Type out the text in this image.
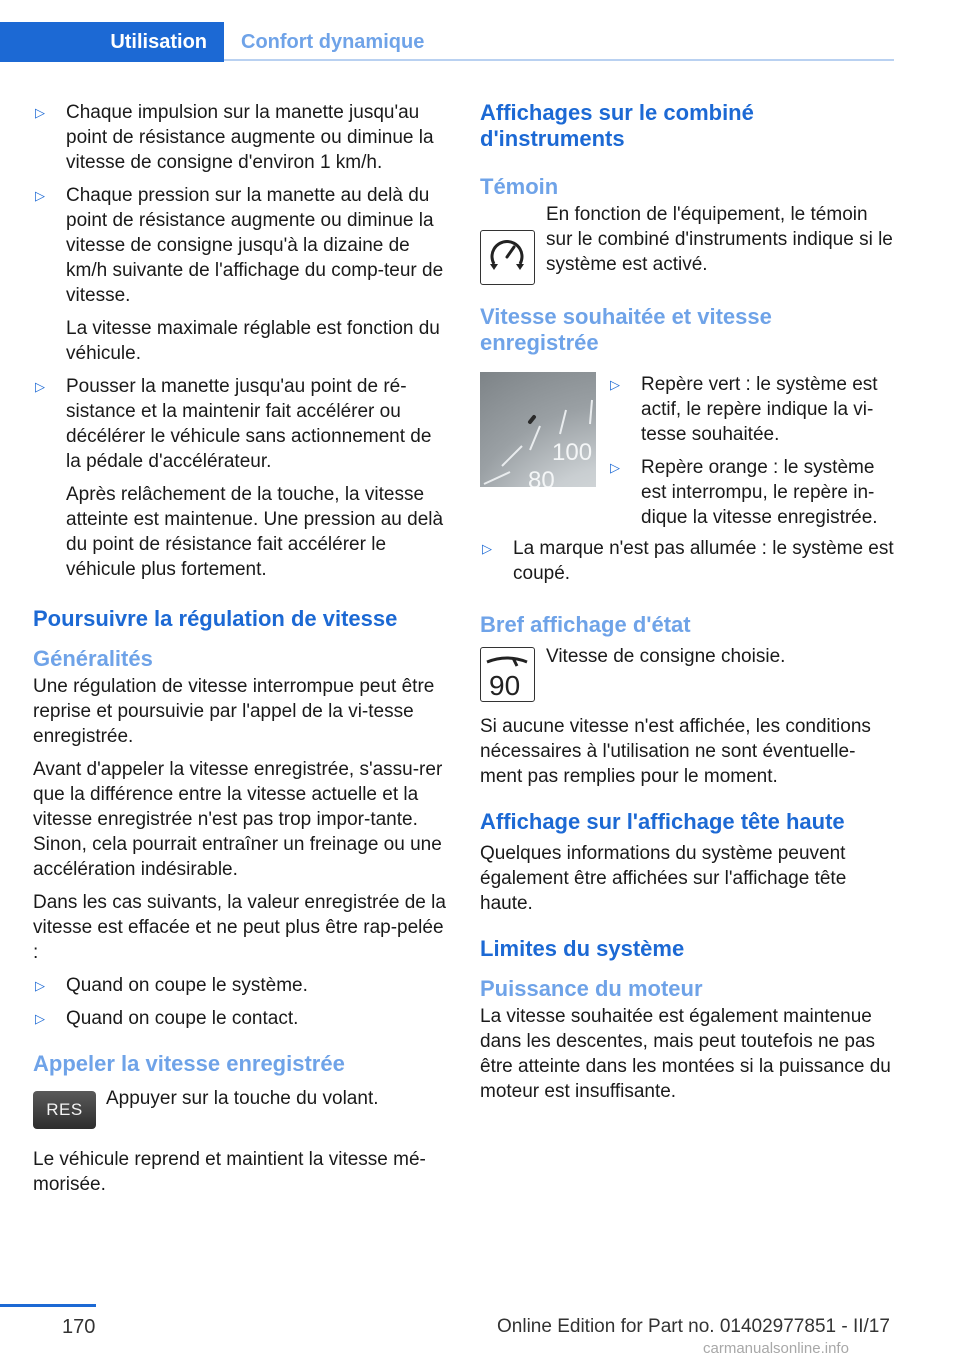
Utilisation	Confort dynamique
▷ Chaque impulsion sur la manette jusqu'au point de résistance augmente ou diminue la vitesse de consigne d'environ 1 km/h.

▷ Chaque pression sur la manette au delà du point de résistance augmente ou diminue la vitesse de consigne jusqu'à la dizaine de km/h suivante de l'affichage du comp‐teur de vitesse.

La vitesse maximale réglable est fonction du véhicule.

▷ Pousser la manette jusqu'au point de ré‐sistance et la maintenir fait accélérer ou décélérer le véhicule sans actionnement de la pédale d'accélérateur.

Après relâchement de la touche, la vitesse atteinte est maintenue. Une pression au delà du point de résistance fait accélérer le véhicule plus fortement.

Poursuivre la régulation de vitesse
Généralités

Une régulation de vitesse interrompue peut être reprise et poursuivie par l'appel de la vi‐tesse enregistrée.

Avant d'appeler la vitesse enregistrée, s'assu‐rer que la différence entre la vitesse actuelle et la vitesse enregistrée n'est pas trop impor‐tante. Sinon, cela pourrait entraîner un freinage ou une accélération indésirable.

Dans les cas suivants, la valeur enregistrée de la vitesse est effacée et ne peut plus être rap‐pelée :

▷ Quand on coupe le système.

▷ Quand on coupe le contact.

Appeler la vitesse enregistrée
RES
Appuyer sur la touche du volant.

Le véhicule reprend et maintient la vitesse mé‐morisée.

Affichages sur le combiné d'instruments
Témoin
En fonction de l'équipement, le témoin sur le combiné d'instruments indique si le système est activé.
Vitesse souhaitée et vitesse enregistrée
100
80
▷ Repère vert : le système est actif, le repère indique la vi‐tesse souhaitée.

▷ Repère orange : le système est interrompu, le repère in‐dique la vitesse enregistrée.

▷ La marque n'est pas allumée : le système est coupé.

Bref affichage d'état
90
Vitesse de consigne choisie.

Si aucune vitesse n'est affichée, les conditions nécessaires à l'utilisation ne sont éventuelle‐ment pas remplies pour le moment.

Affichage sur l'affichage tête haute

Quelques informations du système peuvent également être affichées sur l'affichage tête haute.

Limites du système
Puissance du moteur

La vitesse souhaitée est également maintenue dans les descentes, mais peut toutefois ne pas être atteinte dans les montées si la puissance du moteur est insuffisante.

170	Online Edition for Part no. 01402977851 - II/17
carmanualsonline.info
